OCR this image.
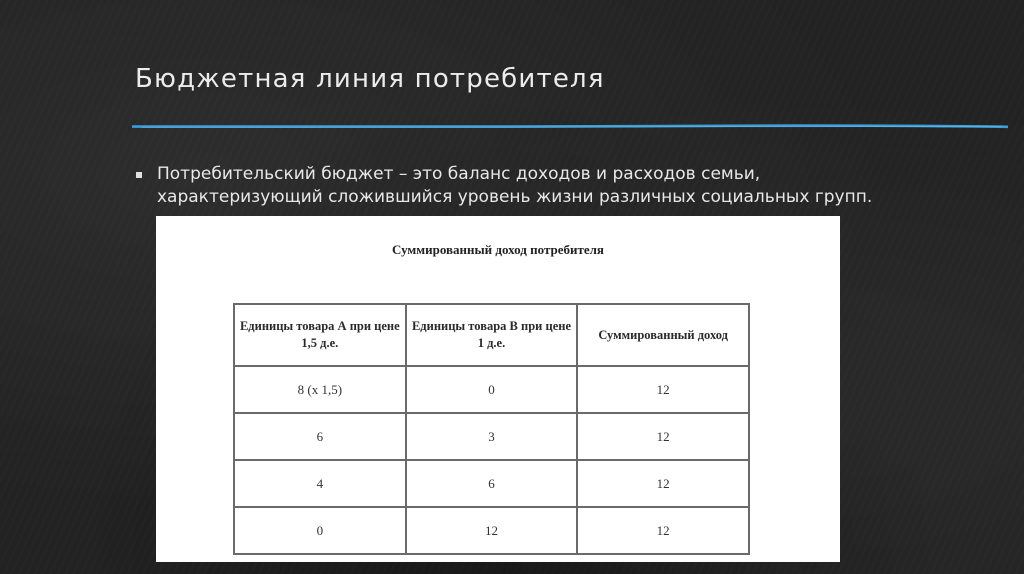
Бюджетная линия потребителя
Потребительский бюджет – это баланс доходов и расходов семьи, характеризующий сложившийся уровень жизни различных социальных групп.
Суммированный доход потребителя
Единицы товара А при цене 1,5 д.е.	Единицы товара В при цене 1 д.е.	Суммированный доход
8 (х 1,5)	0	12
6	3	12
4	6	12
0	12	12
